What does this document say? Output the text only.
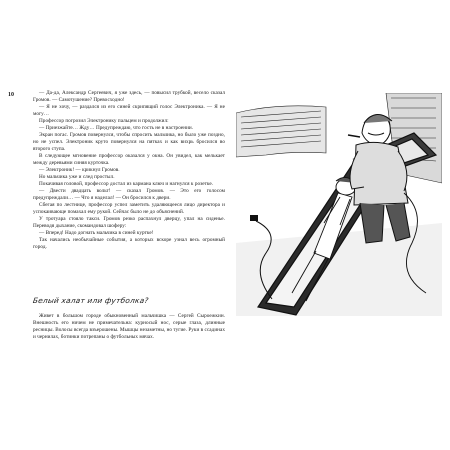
10	— Да-да, Александр Сергеевич, я уже здесь, — повысил трубкой, весело сказал Громов. — Самотушение? Превосходно!

— Я не хочу, — раздался из его синей скрипящий голос Электроника. — Я не могу…

Профессор погрозил Электронику пальцем и продолжил:

— Приезжайте… Жду… Предупреждаю, что гость не в настроении.

Экран погас. Громов повернулся, чтобы спросить мальчика, но было уже поздно, но не успел. Электроник круто повернулся на пятках и как вихрь бросился во второго ступа.

В следующее мгновение профессор оказался у окна. Он увидел, как мелькает между деревьями синяя курточка.

— Электроник! — крикнул Громов.

Но мальчика уже и след простыл.

Покачивая головой, профессор достал из кармана ключ и нагнулся к розетке.

— Двести двадцать вольт! — сказал Громов. — Это его голосом предупреждали… — Что я наделал! — Он бросился к двери.

Сбегая по лестнице, профессор успел заметить удаляющееся лицо директора и успокаивающе помахал ему рукой. Сейчас было не до объяснений.

У тротуара стояло такси. Громов резко распахнул дверцу, упал на сиденье. Переводя дыхание, скомандовал шоферу:

— Вперед! Надо догнать мальчика в синей куртке!

Так начались необычайные события, а которых вскоре узнал весь огромный город.

Белый халат или футболка?

Живет в большом городе обыкновенный мальчишка — Сергей Сыроежкин. Внешность его ничем не примечательна: курносый нос, серые глаза, длинные ресницы. Волосы всегда взъерошены. Мышцы незаметны, но тугие. Руки в ссадинах и чернилах, ботинки потрепаны о футбольных мячах.
